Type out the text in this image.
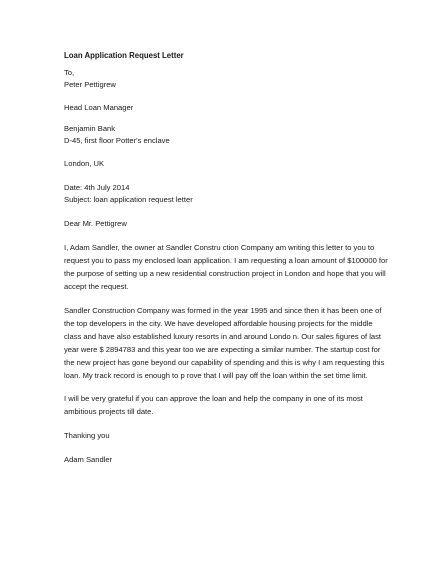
Loan Application Request Letter
To,
Peter Pettigrew
Head Loan Manager
Benjamin Bank
D-45, first floor Potter's enclave
London, UK
Date: 4th July 2014
Subject: loan application request letter
Dear Mr. Pettigrew
I, Adam Sandler, the owner at Sandler Constru ction Company am writing this letter to you to
request you to pass my enclosed loan application. I am requesting a loan amount of $100000 for
the purpose of setting up a new residential construction project in London and hope that you will
accept the request.
Sandler Construction Company was formed in the year 1995 and since then it has been one of
the top developers in the city. We have developed affordable housing projects for the middle
class and have also established luxury resorts in and around Londo n. Our sales figures of last
year were $ 2894783 and this year too we are expecting a similar number. The startup cost for
the new project has gone beyond our capability of spending and this is why I am requesting this
loan. My track record is enough to p rove that I will pay off the loan within the set time limit.
I will be very grateful if you can approve the loan and help the company in one of its most
ambitious projects till date.
Thanking you
Adam Sandler
